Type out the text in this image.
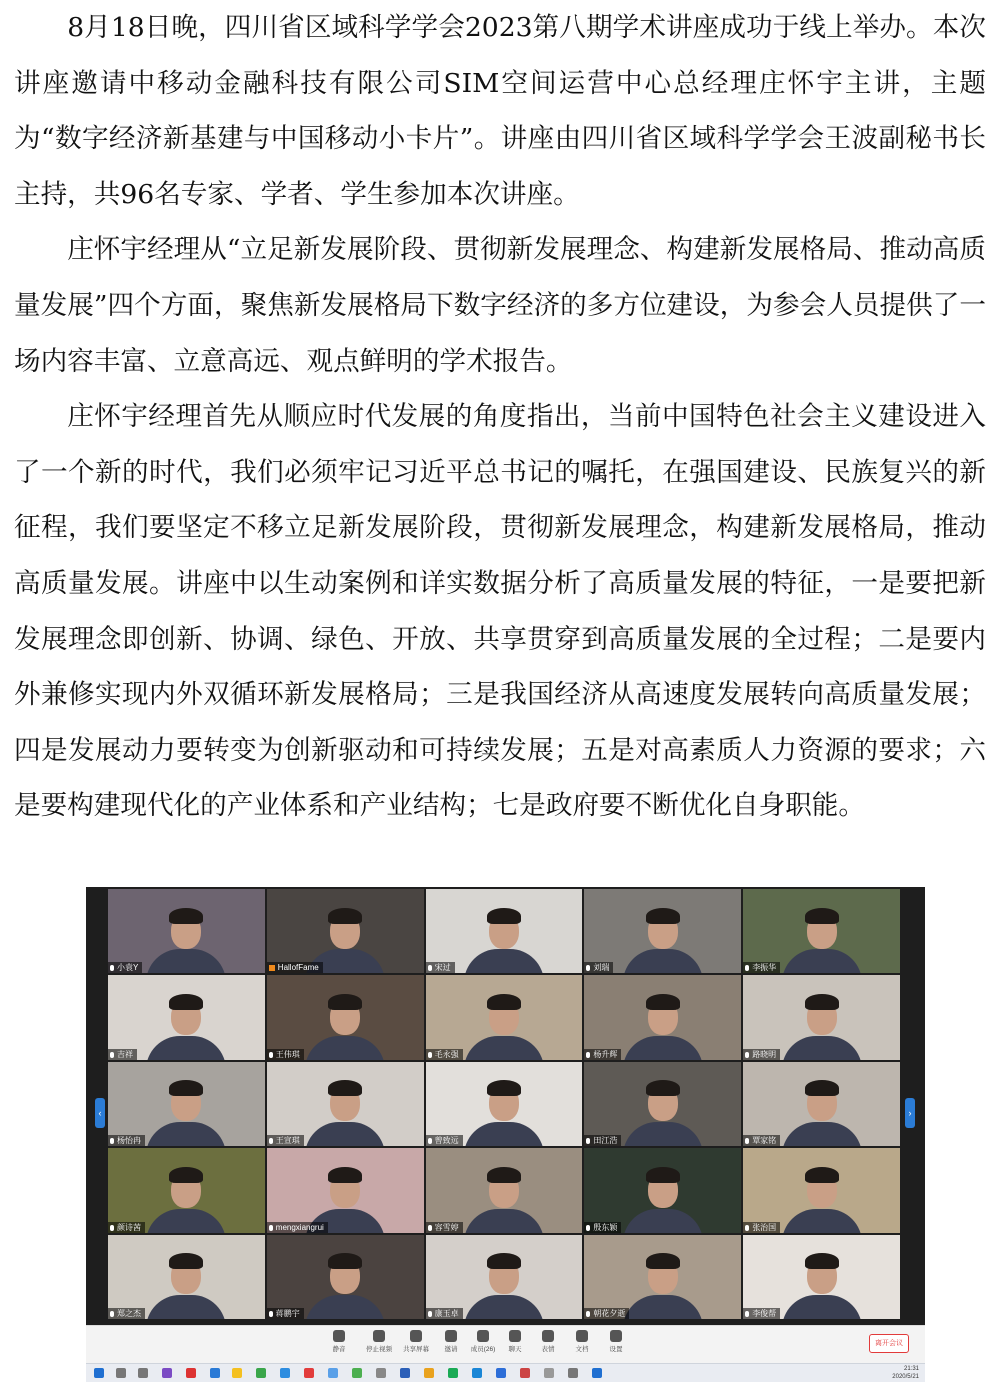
8月18日晚，四川省区域科学学会2023第八期学术讲座成功于线上举办。本次讲座邀请中移动金融科技有限公司SIM空间运营中心总经理庄怀宇主讲，主题为“数字经济新基建与中国移动小卡片”。讲座由四川省区域科学学会王波副秘书长主持，共96名专家、学者、学生参加本次讲座。

庄怀宇经理从“立足新发展阶段、贯彻新发展理念、构建新发展格局、推动高质量发展”四个方面，聚焦新发展格局下数字经济的多方位建设，为参会人员提供了一场内容丰富、立意高远、观点鲜明的学术报告。

庄怀宇经理首先从顺应时代发展的角度指出，当前中国特色社会主义建设进入了一个新的时代，我们必须牢记习近平总书记的嘱托，在强国建设、民族复兴的新征程，我们要坚定不移立足新发展阶段，贯彻新发展理念，构建新发展格局，推动高质量发展。讲座中以生动案例和详实数据分析了高质量发展的特征，一是要把新发展理念即创新、协调、绿色、开放、共享贯穿到高质量发展的全过程；二是要内外兼修实现内外双循环新发展格局；三是我国经济从高速度发展转向高质量发展；四是发展动力要转变为创新驱动和可持续发展；五是对高素质人力资源的要求；六是要构建现代化的产业体系和产业结构；七是政府要不断优化自身职能。

‹	›
小袁Y	HallofFame	宋过	刘瑞	李振华
吉祥	王伟琪	毛永强	杨升辉	路晓明
杨怡冉	王宣琪	曾致远	田江浩	覃家铭
颜诗茜	mengxiangrui	容雪婷	殷东颖	张治国
郑之杰	蒋鹏宇	康玉卓	朝花夕逝	李俊帮
静音	停止视频	共享屏幕	邀请	成员(26)	聊天	表情	文档	设置
离开会议
21:31
2020/5/21
